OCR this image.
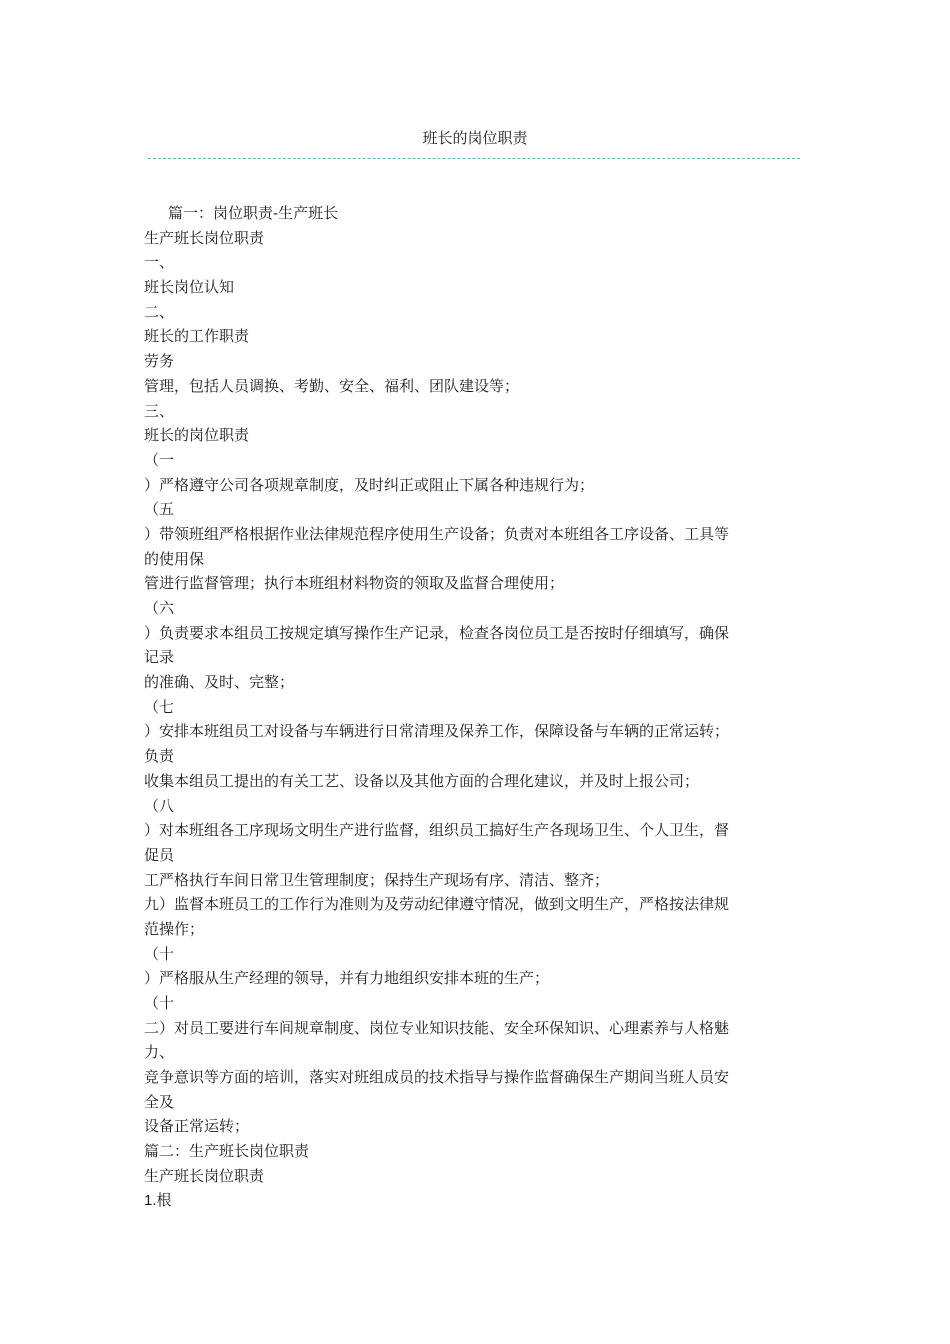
班长的岗位职责
篇一：岗位职责-生产班长
生产班长岗位职责
一、
班长岗位认知
二、
班长的工作职责
劳务
管理，包括人员调换、考勤、安全、福利、团队建设等；
三、
班长的岗位职责
（一
）严格遵守公司各项规章制度，及时纠正或阻止下属各种违规行为；
（五
）带领班组严格根据作业法律规范程序使用生产设备；负责对本班组各工序设备、工具等
的使用保
管进行监督管理；执行本班组材料物资的领取及监督合理使用；
（六
）负责要求本组员工按规定填写操作生产记录，检查各岗位员工是否按时仔细填写，确保
记录
的准确、及时、完整；
（七
）安排本班组员工对设备与车辆进行日常清理及保养工作，保障设备与车辆的正常运转；
负责
收集本组员工提出的有关工艺、设备以及其他方面的合理化建议，并及时上报公司；
（八
）对本班组各工序现场文明生产进行监督，组织员工搞好生产各现场卫生、个人卫生，督
促员
工严格执行车间日常卫生管理制度；保持生产现场有序、清洁、整齐；
九）监督本班员工的工作行为准则为及劳动纪律遵守情况，做到文明生产，严格按法律规
范操作；
（十
）严格服从生产经理的领导，并有力地组织安排本班的生产；
（十
二）对员工要进行车间规章制度、岗位专业知识技能、安全环保知识、心理素养与人格魅
力、
竞争意识等方面的培训，落实对班组成员的技术指导与操作监督确保生产期间当班人员安
全及
设备正常运转；
篇二：生产班长岗位职责
生产班长岗位职责
1.根
